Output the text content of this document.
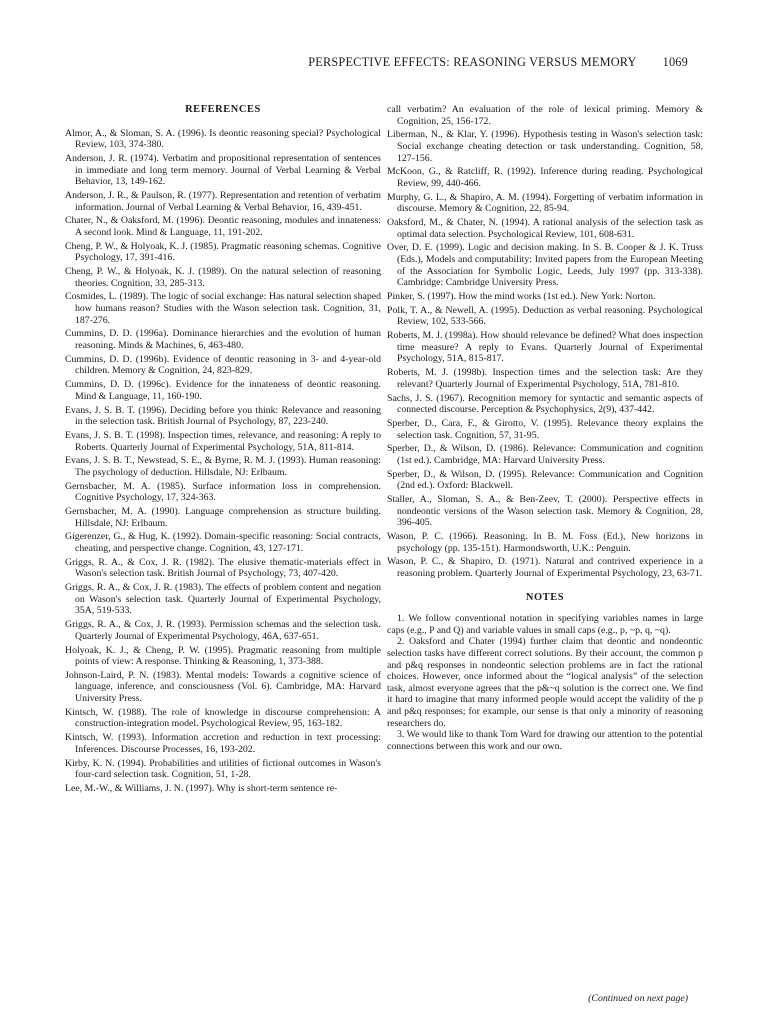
PERSPECTIVE EFFECTS: REASONING VERSUS MEMORY 1069
REFERENCES

Almor, A., & Sloman, S. A. (1996). Is deontic reasoning special? Psychological Review, 103, 374-380.

Anderson, J. R. (1974). Verbatim and propositional representation of sentences in immediate and long term memory. Journal of Verbal Learning & Verbal Behavior, 13, 149-162.

Anderson, J. R., & Paulson, R. (1977). Representation and retention of verbatim information. Journal of Verbal Learning & Verbal Behavior, 16, 439-451.

Chater, N., & Oaksford, M. (1996). Deontic reasoning, modules and innateness: A second look. Mind & Language, 11, 191-202.

Cheng, P. W., & Holyoak, K. J. (1985). Pragmatic reasoning schemas. Cognitive Psychology, 17, 391-416.

Cheng, P. W., & Holyoak, K. J. (1989). On the natural selection of reasoning theories. Cognition, 33, 285-313.

Cosmides, L. (1989). The logic of social exchange: Has natural selection shaped how humans reason? Studies with the Wason selection task. Cognition, 31, 187-276.

Cummins, D. D. (1996a). Dominance hierarchies and the evolution of human reasoning. Minds & Machines, 6, 463-480.

Cummins, D. D. (1996b). Evidence of deontic reasoning in 3- and 4-year-old children. Memory & Cognition, 24, 823-829.

Cummins, D. D. (1996c). Evidence for the innateness of deontic reasoning. Mind & Language, 11, 160-190.

Evans, J. S. B. T. (1996). Deciding before you think: Relevance and reasoning in the selection task. British Journal of Psychology, 87, 223-240.

Evans, J. S. B. T. (1998). Inspection times, relevance, and reasoning: A reply to Roberts. Quarterly Journal of Experimental Psychology, 51A, 811-814.

Evans, J. S. B. T., Newstead, S. E., & Byrne, R. M. J. (1993). Human reasoning: The psychology of deduction. Hillsdale, NJ: Erlbaum.

Gernsbacher, M. A. (1985). Surface information loss in comprehension. Cognitive Psychology, 17, 324-363.

Gernsbacher, M. A. (1990). Language comprehension as structure building. Hillsdale, NJ: Erlbaum.

Gigerenzer, G., & Hug, K. (1992). Domain-specific reasoning: Social contracts, cheating, and perspective change. Cognition, 43, 127-171.

Griggs, R. A., & Cox, J. R. (1982). The elusive thematic-materials effect in Wason's selection task. British Journal of Psychology, 73, 407-420.

Griggs, R. A., & Cox, J. R. (1983). The effects of problem content and negation on Wason's selection task. Quarterly Journal of Experimental Psychology, 35A, 519-533.

Griggs, R. A., & Cox, J. R. (1993). Permission schemas and the selection task. Quarterly Journal of Experimental Psychology, 46A, 637-651.

Holyoak, K. J., & Cheng, P. W. (1995). Pragmatic reasoning from multiple points of view: A response. Thinking & Reasoning, 1, 373-388.

Johnson-Laird, P. N. (1983). Mental models: Towards a cognitive science of language, inference, and consciousness (Vol. 6). Cambridge, MA: Harvard University Press.

Kintsch, W. (1988). The role of knowledge in discourse comprehension: A construction-integration model. Psychological Review, 95, 163-182.

Kintsch, W. (1993). Information accretion and reduction in text processing: Inferences. Discourse Processes, 16, 193-202.

Kirby, K. N. (1994). Probabilities and utilities of fictional outcomes in Wason's four-card selection task. Cognition, 51, 1-28.

Lee, M.-W., & Williams, J. N. (1997). Why is short-term sentence re-

call verbatim? An evaluation of the role of lexical priming. Memory & Cognition, 25, 156-172.

Liberman, N., & Klar, Y. (1996). Hypothesis testing in Wason's selection task: Social exchange cheating detection or task understanding. Cognition, 58, 127-156.

McKoon, G., & Ratcliff, R. (1992). Inference during reading. Psychological Review, 99, 440-466.

Murphy, G. L., & Shapiro, A. M. (1994). Forgetting of verbatim information in discourse. Memory & Cognition, 22, 85-94.

Oaksford, M., & Chater, N. (1994). A rational analysis of the selection task as optimal data selection. Psychological Review, 101, 608-631.

Over, D. E. (1999). Logic and decision making. In S. B. Cooper & J. K. Truss (Eds.), Models and computability: Invited papers from the European Meeting of the Association for Symbolic Logic, Leeds, July 1997 (pp. 313-338). Cambridge: Cambridge University Press.

Pinker, S. (1997). How the mind works (1st ed.). New York: Norton.

Polk, T. A., & Newell, A. (1995). Deduction as verbal reasoning. Psychological Review, 102, 533-566.

Roberts, M. J. (1998a). How should relevance be defined? What does inspection time measure? A reply to Evans. Quarterly Journal of Experimental Psychology, 51A, 815-817.

Roberts, M. J. (1998b). Inspection times and the selection task: Are they relevant? Quarterly Journal of Experimental Psychology, 51A, 781-810.

Sachs, J. S. (1967). Recognition memory for syntactic and semantic aspects of connected discourse. Perception & Psychophysics, 2(9), 437-442.

Sperber, D., Cara, F., & Girotto, V. (1995). Relevance theory explains the selection task. Cognition, 57, 31-95.

Sperber, D., & Wilson, D. (1986). Relevance: Communication and cognition (1st ed.). Cambridge, MA: Harvard University Press.

Sperber, D., & Wilson, D. (1995). Relevance: Communication and Cognition (2nd ed.). Oxford: Blackwell.

Staller, A., Sloman, S. A., & Ben-Zeev, T. (2000). Perspective effects in nondeontic versions of the Wason selection task. Memory & Cognition, 28, 396-405.

Wason, P. C. (1966). Reasoning. In B. M. Foss (Ed.), New horizons in psychology (pp. 135-151). Harmondsworth, U.K.: Penguin.

Wason, P. C., & Shapiro, D. (1971). Natural and contrived experience in a reasoning problem. Quarterly Journal of Experimental Psychology, 23, 63-71.

NOTES

1. We follow conventional notation in specifying variables names in large caps (e.g., P and Q) and variable values in small caps (e.g., p, ~p, q, ~q).

2. Oaksford and Chater (1994) further claim that deontic and nondeontic selection tasks have different correct solutions. By their account, the common p and p&q responses in nondeontic selection problems are in fact the rational choices. However, once informed about the “logical analysis” of the selection task, almost everyone agrees that the p&~q solution is the correct one. We find it hard to imagine that many informed people would accept the validity of the p and p&q responses; for example, our sense is that only a minority of reasoning researchers do.

3. We would like to thank Tom Ward for drawing our attention to the potential connections between this work and our own.

(Continued on next page)
